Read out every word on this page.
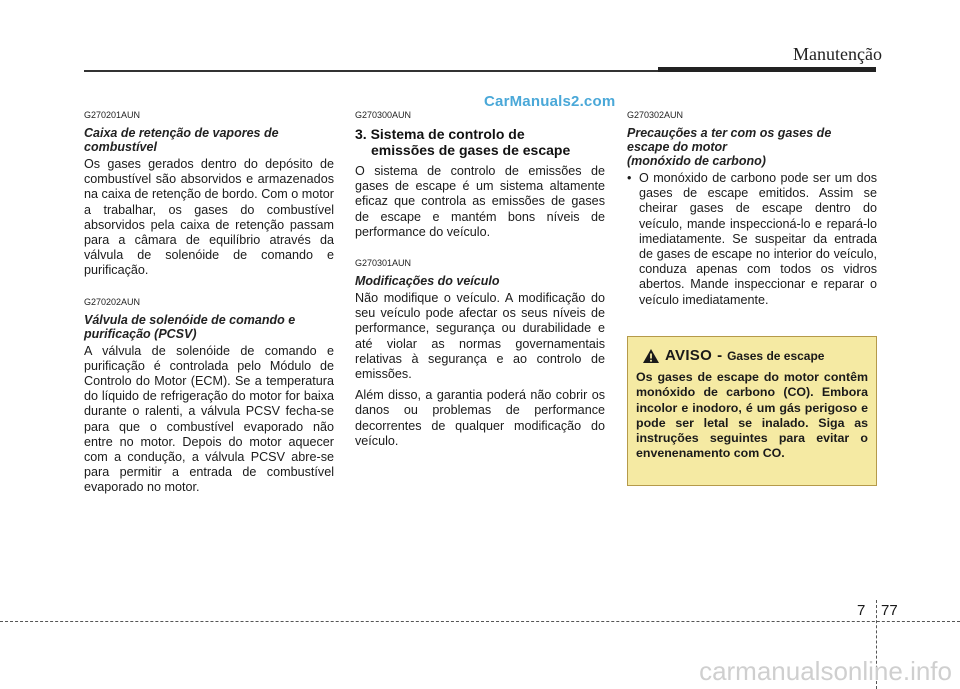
Manutenção
CarManuals2.com
G270201AUN
Caixa de retenção de vapores de combustível

Os gases gerados dentro do depósito de combustível são absorvidos e armazenados na caixa de retenção de bordo. Com o motor a trabalhar, os gases do combustível absorvidos pela caixa de retenção passam para a câmara de equilíbrio através da válvula de solenóide de comando e purificação.

G270202AUN
Válvula de solenóide de comando e purificação (PCSV)

A válvula de solenóide de comando e purificação é controlada pelo Módulo de Controlo do Motor (ECM). Se a temperatura do líquido de refrigeração do motor for baixa durante o ralenti, a válvula PCSV fecha-se para que o combustível evaporado não entre no motor. Depois do motor aquecer com a condução, a válvula PCSV abre-se para permitir a entrada de combustível evaporado no motor.

G270300AUN
3. Sistema de controlo de
emissões de gases de escape

O sistema de controlo de emissões de gases de escape é um sistema altamente eficaz que controla as emissões de gases de escape e mantém bons níveis de performance do veículo.

G270301AUN
Modificações do veículo

Não modifique o veículo. A modificação do seu veículo pode afectar os seus níveis de performance, segurança ou durabilidade e até violar as normas governamentais relativas à segurança e ao controlo de emissões.

Além disso, a garantia poderá não cobrir os danos ou problemas de performance decorrentes de qualquer modificação do veículo.

G270302AUN
Precauções a ter com os gases de escape do motor
(monóxido de carbono)
• O monóxido de carbono pode ser um dos gases de escape emitidos. Assim se cheirar gases de escape dentro do veículo, mande inspeccioná-lo e repará-lo imediatamente. Se suspeitar da entrada de gases de escape no interior do veículo, conduza apenas com todos os vidros abertos. Mande inspeccionar e reparar o veículo imediatamente.
AVISO - Gases de escape
Os gases de escape do motor contêm monóxido de carbono (CO). Embora incolor e inodoro, é um gás perigoso e pode ser letal se inalado. Siga as instruções seguintes para evitar o envenenamento com CO.
7 77
carmanualsonline.info
